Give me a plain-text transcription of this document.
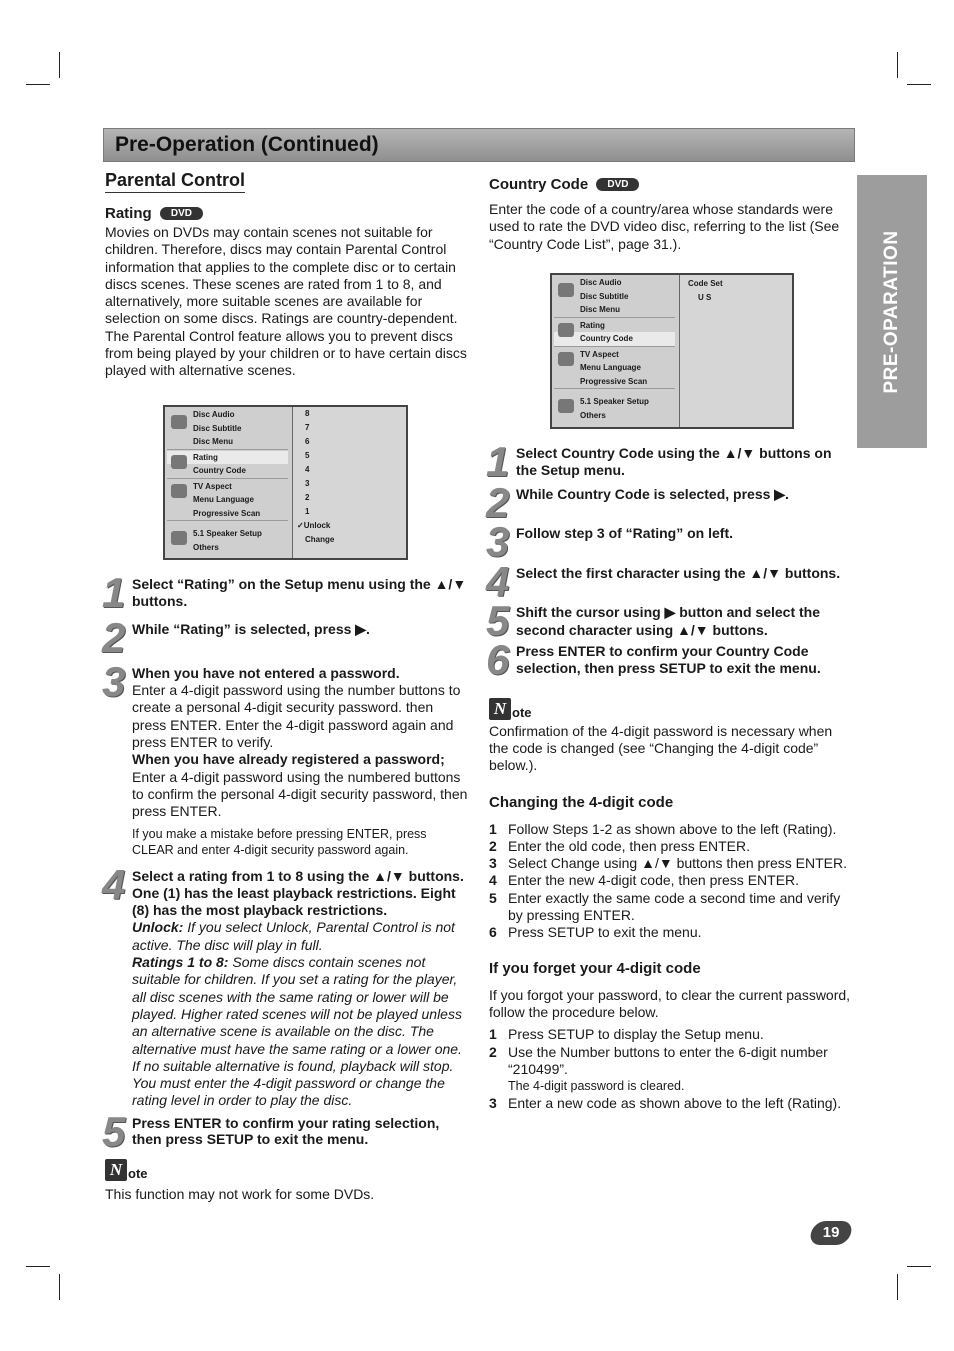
Pre-Operation (Continued)
PRE-OPARATION
Parental Control
Rating DVD

Movies on DVDs may contain scenes not suitable for children. Therefore, discs may contain Parental Control information that applies to the complete disc or to certain discs scenes. These scenes are rated from 1 to 8, and alternatively, more suitable scenes are available for selection on some discs. Ratings are country-dependent. The Parental Control feature allows you to prevent discs from being played by your children or to have certain discs played with alternative scenes.

Disc Audio
Disc Subtitle
Disc Menu
Rating
Country Code
TV Aspect
Menu Language
Progressive Scan
5.1 Speaker Setup
Others
8
7
6
5
4
3
2
1
✓Unlock
Change
1 Select “Rating” on the Setup menu using the ▲/▼ buttons.
2 While “Rating” is selected, press ▶.
3 When you have not entered a password.
Enter a 4-digit password using the number buttons to create a personal 4-digit security password. then press ENTER. Enter the 4-digit password again and press ENTER to verify.
When you have already registered a password;
Enter a 4-digit password using the numbered buttons to confirm the personal 4-digit security password, then press ENTER.

If you make a mistake before pressing ENTER, press CLEAR and enter 4-digit security password again.

4 Select a rating from 1 to 8 using the ▲/▼ buttons. One (1) has the least playback restrictions. Eight (8) has the most playback restrictions.
Unlock: If you select Unlock, Parental Control is not active. The disc will play in full.
Ratings 1 to 8: Some discs contain scenes not suitable for children. If you set a rating for the player, all disc scenes with the same rating or lower will be played. Higher rated scenes will not be played unless an alternative scene is available on the disc. The alternative must have the same rating or a lower one. If no suitable alternative is found, playback will stop. You must enter the 4-digit password or change the rating level in order to play the disc.
5 Press ENTER to confirm your rating selection, then press SETUP to exit the menu.
N ote

This function may not work for some DVDs.

Country Code DVD

Enter the code of a country/area whose standards were used to rate the DVD video disc, referring to the list (See “Country Code List”, page 31.).

Disc Audio
Disc Subtitle
Disc Menu
Rating
Country Code
TV Aspect
Menu Language
Progressive Scan
5.1 Speaker Setup
Others
Code Set
U S
1 Select Country Code using the ▲/▼ buttons on the Setup menu.
2 While Country Code is selected, press ▶.
3 Follow step 3 of “Rating” on left.
4 Select the first character using the ▲/▼ buttons.
5 Shift the cursor using ▶ button and select the second character using ▲/▼ buttons.
6 Press ENTER to confirm your Country Code selection, then press SETUP to exit the menu.
N ote

Confirmation of the 4-digit password is necessary when the code is changed (see “Changing the 4-digit code” below.).

Changing the 4-digit code
1 Follow Steps 1-2 as shown above to the left (Rating).
2 Enter the old code, then press ENTER.
3 Select Change using ▲/▼ buttons then press ENTER.
4 Enter the new 4-digit code, then press ENTER.
5 Enter exactly the same code a second time and verify by pressing ENTER.
6 Press SETUP to exit the menu.
If you forget your 4-digit code

If you forgot your password, to clear the current password, follow the procedure below.

1 Press SETUP to display the Setup menu.
2 Use the Number buttons to enter the 6-digit number “210499”.
The 4-digit password is cleared.
3 Enter a new code as shown above to the left (Rating).
19
